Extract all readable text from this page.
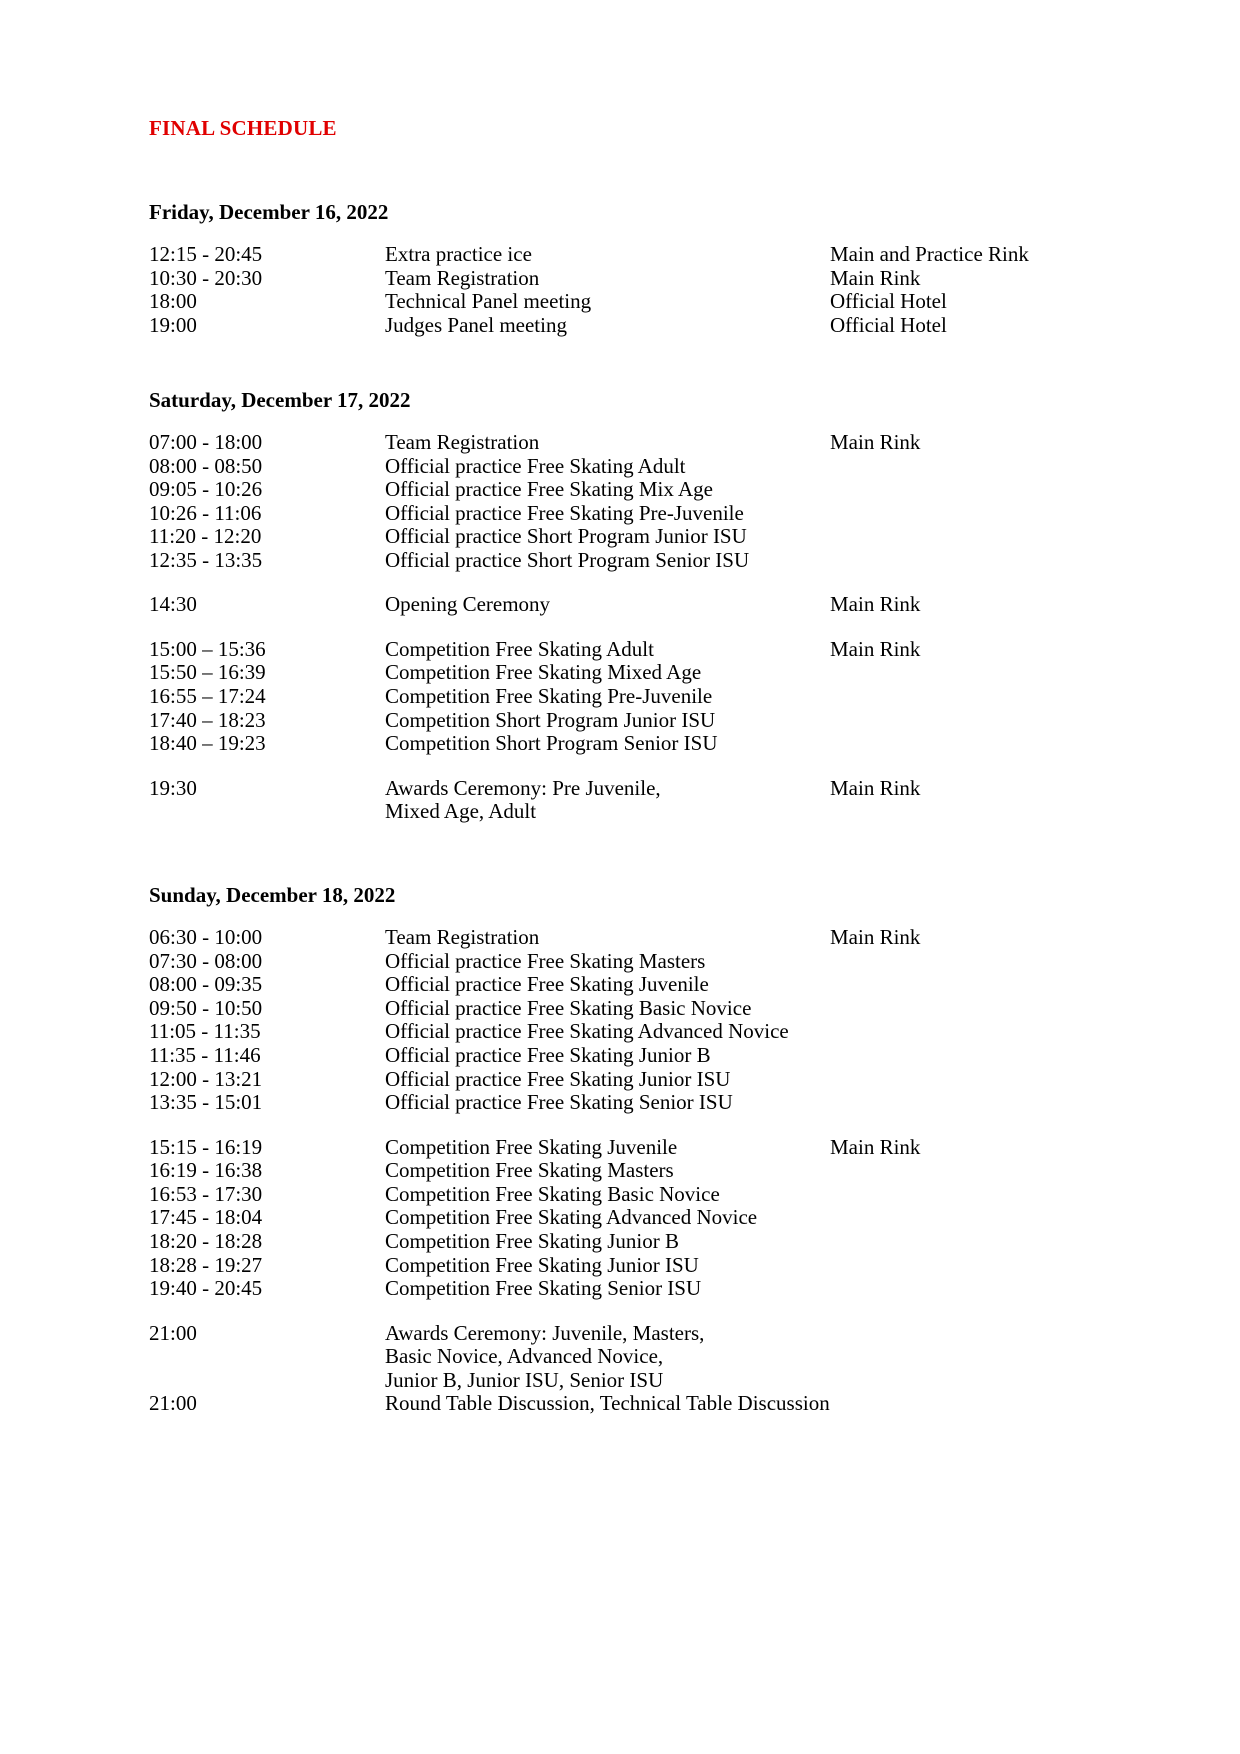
FINAL SCHEDULE
Friday, December 16, 2022
12:15 - 20:45	Extra practice ice	Main and Practice Rink
10:30 - 20:30	Team Registration	Main Rink
18:00	Technical Panel meeting	Official Hotel
19:00	Judges Panel meeting	Official Hotel
Saturday, December 17, 2022
07:00 - 18:00	Team Registration	Main Rink
08:00 - 08:50	Official practice Free Skating Adult
09:05 - 10:26	Official practice Free Skating Mix Age
10:26 - 11:06	Official practice Free Skating Pre-Juvenile
11:20 - 12:20	Official practice Short Program Junior ISU
12:35 - 13:35	Official practice Short Program Senior ISU
14:30	Opening Ceremony	Main Rink
15:00 – 15:36	Competition Free Skating Adult	Main Rink
15:50 – 16:39	Competition Free Skating Mixed Age
16:55 – 17:24	Competition Free Skating Pre-Juvenile
17:40 – 18:23	Competition Short Program Junior ISU
18:40 – 19:23	Competition Short Program Senior ISU
19:30	Awards Ceremony: Pre Juvenile,	Main Rink
Mixed Age, Adult
Sunday, December 18, 2022
06:30 - 10:00	Team Registration	Main Rink
07:30 - 08:00	Official practice Free Skating Masters
08:00 - 09:35	Official practice Free Skating Juvenile
09:50 - 10:50	Official practice Free Skating Basic Novice
11:05 - 11:35	Official practice Free Skating Advanced Novice
11:35 - 11:46	Official practice Free Skating Junior B
12:00 - 13:21	Official practice Free Skating Junior ISU
13:35 - 15:01	Official practice Free Skating Senior ISU
15:15 - 16:19	Competition Free Skating Juvenile	Main Rink
16:19 - 16:38	Competition Free Skating Masters
16:53 - 17:30	Competition Free Skating Basic Novice
17:45 - 18:04	Competition Free Skating Advanced Novice
18:20 - 18:28	Competition Free Skating Junior B
18:28 - 19:27	Competition Free Skating Junior ISU
19:40 - 20:45	Competition Free Skating Senior ISU
21:00	Awards Ceremony: Juvenile, Masters,
Basic Novice, Advanced Novice,
Junior B, Junior ISU, Senior ISU
21:00	Round Table Discussion, Technical Table Discussion
